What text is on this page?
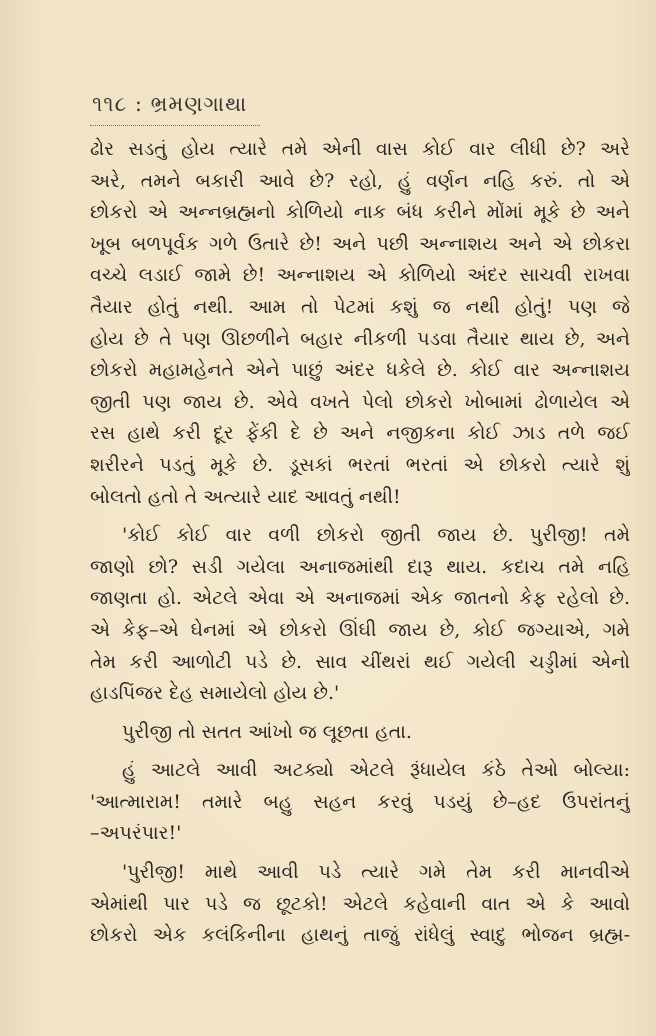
૧૧૮ : ભ્રમણગાથા
ઢોર સડતું હોય ત્યારે તમે એની વાસ કોઈ વાર લીધી છે? અરે
અરે, તમને બકારી આવે છે? રહો, હું વર્ણન નહિ કરું. તો એ
છોકરો એ અન્નબ્રહ્મનો કોળિયો નાક બંધ કરીને મોંમાં મૂકે છે અને
ખૂબ બળપૂર્વક ગળે ઉતારે છે! અને પછી અન્નાશય અને એ છોકરા
વચ્ચે લડાઈ જામે છે! અન્નાશય એ કોળિયો અંદર સાચવી રાખવા
તૈયાર હોતું નથી. આમ તો પેટમાં કશું જ નથી હોતું! પણ જે
હોય છે તે પણ ઊછળીને બહાર નીકળી પડવા તૈયાર થાય છે, અને
છોકરો મહામહેનતે એને પાછું અંદર ધકેલે છે. કોઈ વાર અન્નાશય
જીતી પણ જાય છે. એવે વખતે પેલો છોકરો ખોબામાં ઢોળાયેલ એ
રસ હાથે કરી દૂર ફેંકી દે છે અને નજીકના કોઈ ઝાડ તળે જઈ
શરીરને પડતું મૂકે છે. ડૂસકાં ભરતાં ભરતાં એ છોકરો ત્યારે શું
બોલતો હતો તે અત્યારે યાદ આવતું નથી!
'કોઈ કોઈ વાર વળી છોકરો જીતી જાય છે. પુરીજી! તમે
જાણો છો? સડી ગયેલા અનાજમાંથી દારૂ થાય. કદાચ તમે નહિ
જાણતા હો. એટલે એવા એ અનાજમાં એક જાતનો કેફ રહેલો છે.
એ કેફ–એ ઘેનમાં એ છોકરો ઊંઘી જાય છે, કોઈ જગ્યાએ, ગમે
તેમ કરી આળોટી પડે છે. સાવ ચીંથરાં થઈ ગયેલી ચડ્ડીમાં એનો
હાડપિંજર દેહ સમાયેલો હોય છે.'
પુરીજી તો સતત આંખો જ લૂછતા હતા.
હું આટલે આવી અટક્યો એટલે રૂંધાયેલ કંઠે તેઓ બોલ્યા:
'આત્મારામ! તમારે બહુ સહન કરવું પડયું છે–હદ ઉપરાંતનું
–અપરંપાર!'
'પુરીજી! માથે આવી પડે ત્યારે ગમે તેમ કરી માનવીએ
એમાંથી પાર પડે જ છૂટકો! એટલે કહેવાની વાત એ કે આવો
છોકરો એક કલંકિનીના હાથનું તાજું રાંધેલું સ્વાદુ ભોજન બ્રહ્મ-
